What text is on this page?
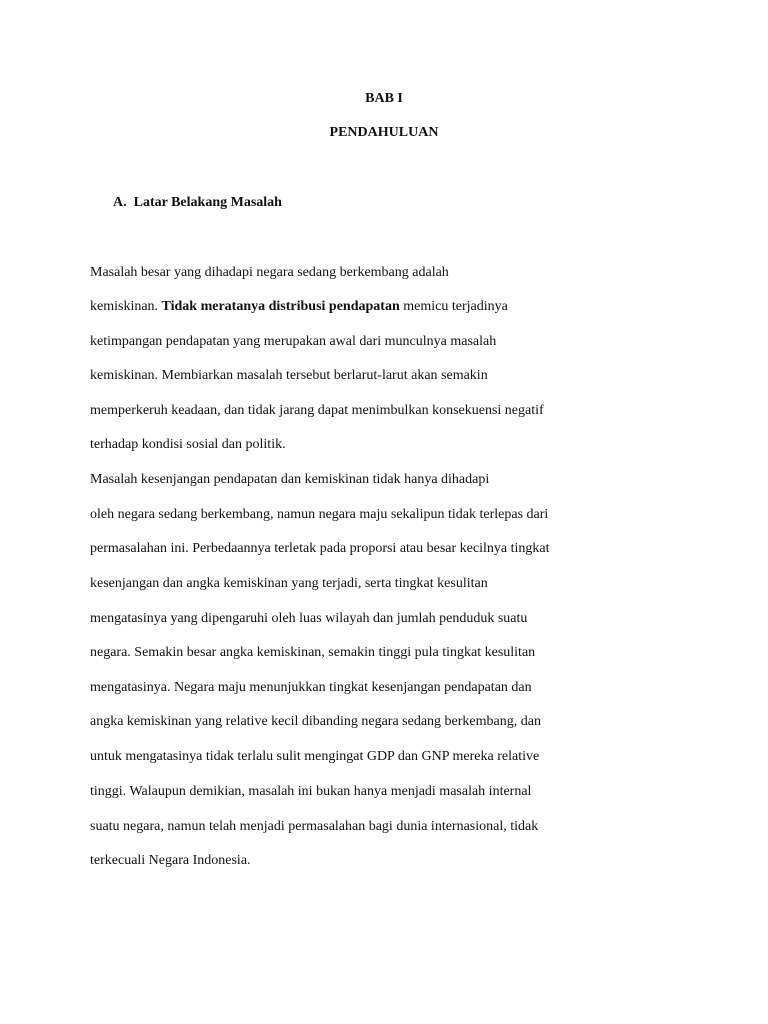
BAB I
PENDAHULUAN
A. Latar Belakang Masalah
Masalah besar yang dihadapi negara sedang berkembang adalah
kemiskinan. Tidak meratanya distribusi pendapatan memicu terjadinya
ketimpangan pendapatan yang merupakan awal dari munculnya masalah
kemiskinan. Membiarkan masalah tersebut berlarut-larut akan semakin
memperkeruh keadaan, dan tidak jarang dapat menimbulkan konsekuensi negatif
terhadap kondisi sosial dan politik.
Masalah kesenjangan pendapatan dan kemiskinan tidak hanya dihadapi
oleh negara sedang berkembang, namun negara maju sekalipun tidak terlepas dari
permasalahan ini. Perbedaannya terletak pada proporsi atau besar kecilnya tingkat
kesenjangan dan angka kemiskinan yang terjadi, serta tingkat kesulitan
mengatasinya yang dipengaruhi oleh luas wilayah dan jumlah penduduk suatu
negara. Semakin besar angka kemiskinan, semakin tinggi pula tingkat kesulitan
mengatasinya. Negara maju menunjukkan tingkat kesenjangan pendapatan dan
angka kemiskinan yang relative kecil dibanding negara sedang berkembang, dan
untuk mengatasinya tidak terlalu sulit mengingat GDP dan GNP mereka relative
tinggi. Walaupun demikian, masalah ini bukan hanya menjadi masalah internal
suatu negara, namun telah menjadi permasalahan bagi dunia internasional, tidak
terkecuali Negara Indonesia.
